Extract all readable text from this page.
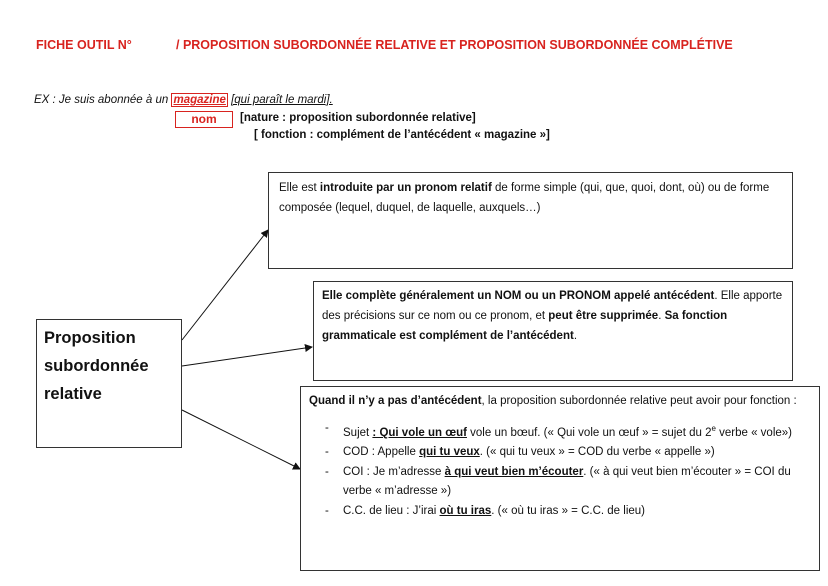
FICHE OUTIL N°	/ PROPOSITION SUBORDONNÉE RELATIVE ET PROPOSITION SUBORDONNÉE COMPLÉTIVE
EX : Je suis abonnée à un magazine [qui paraît le mardi].
nom	[nature : proposition subordonnée relative]
[ fonction : complément de l’antécédent « magazine »]
Proposition
subordonnée
relative
Elle est introduite par un pronom relatif de forme simple (qui, que, quoi, dont, où) ou de forme composée (lequel, duquel, de laquelle, auxquels…)
Elle complète généralement un NOM ou un PRONOM appelé antécédent. Elle apporte des précisions sur ce nom ou ce pronom, et peut être supprimée. Sa fonction grammaticale est complément de l’antécédent.
Quand il n’y a pas d’antécédent, la proposition subordonnée relative peut avoir pour fonction :
- Sujet : Qui vole un œuf vole un bœuf. (« Qui vole un œuf » = sujet du 2e verbe « vole»)
- COD : Appelle qui tu veux. (« qui tu veux » = COD du verbe « appelle »)
- COI : Je m’adresse à qui veut bien m’écouter. (« à qui veut bien m’écouter » = COI du verbe « m’adresse »)
- C.C. de lieu : J’irai où tu iras. (« où tu iras » = C.C. de lieu)
